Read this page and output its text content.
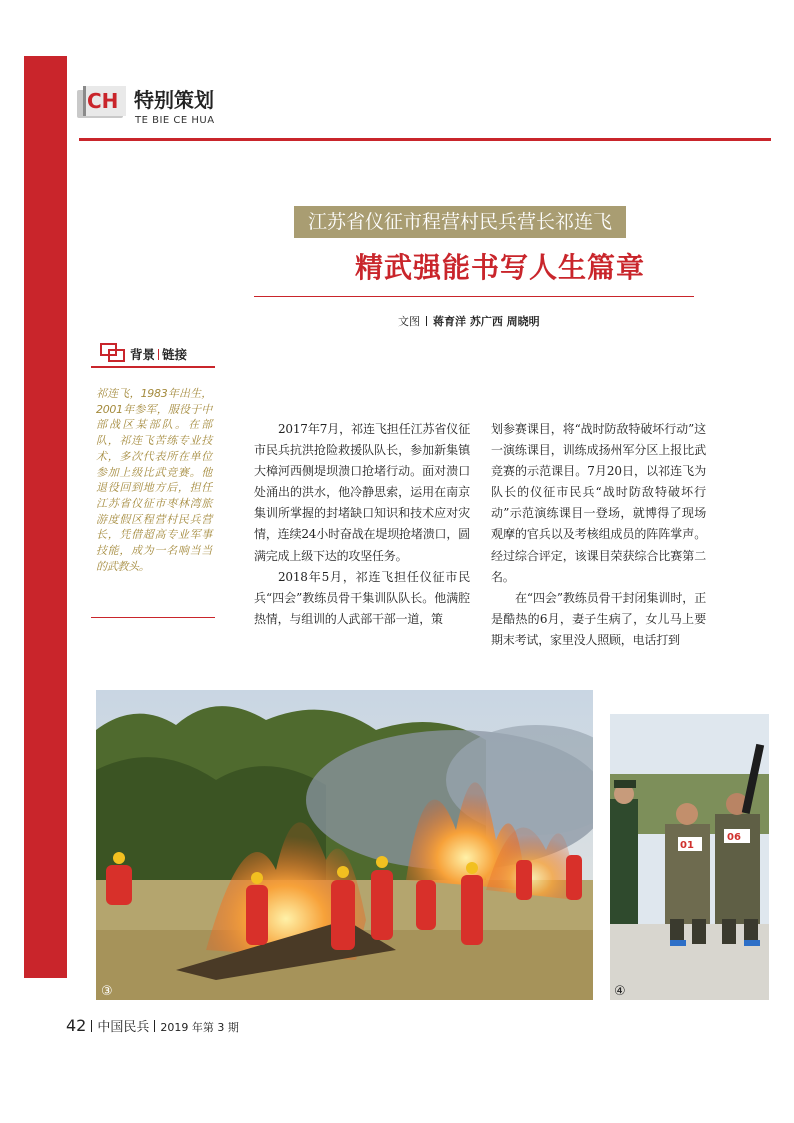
CH 特别策划
TE BIE CE HUA
江苏省仪征市程营村民兵营长祁连飞
精武强能书写人生篇章
文图 蒋育洋 苏广西 周晓明
背景 链接
祁连飞，1983年出生，2001年参军，服役于中部战区某部队。在部队，祁连飞苦练专业技术，多次代表所在单位参加上级比武竞赛。他退役回到地方后，担任江苏省仪征市枣林湾旅游度假区程营村民兵营长，凭借超高专业军事技能，成为一名响当当的武教头。

2017年7月，祁连飞担任江苏省仪征市民兵抗洪抢险救援队队长，参加新集镇大樟河西侧堤坝溃口抢堵行动。面对溃口处涌出的洪水，他冷静思索，运用在南京集训所掌握的封堵缺口知识和技术应对灾情，连续24小时奋战在堤坝抢堵溃口，圆满完成上级下达的攻坚任务。

2018年5月，祁连飞担任仪征市民兵“四会”教练员骨干集训队队长。他满腔热情，与组训的人武部干部一道，策

划参赛课目，将“战时防敌特破坏行动”这一演练课目，训练成扬州军分区上报比武竞赛的示范课目。7月20日，以祁连飞为队长的仪征市民兵“战时防敌特破坏行动”示范演练课目一登场，就博得了现场观摩的官兵以及考核组成员的阵阵掌声。经过综合评定，该课目荣获综合比赛第二名。

在“四会”教练员骨干封闭集训时，正是酷热的6月，妻子生病了，女儿马上要期末考试，家里没人照顾，电话打到

③
01
06
④
42 中国民兵 2019 年第 3 期
